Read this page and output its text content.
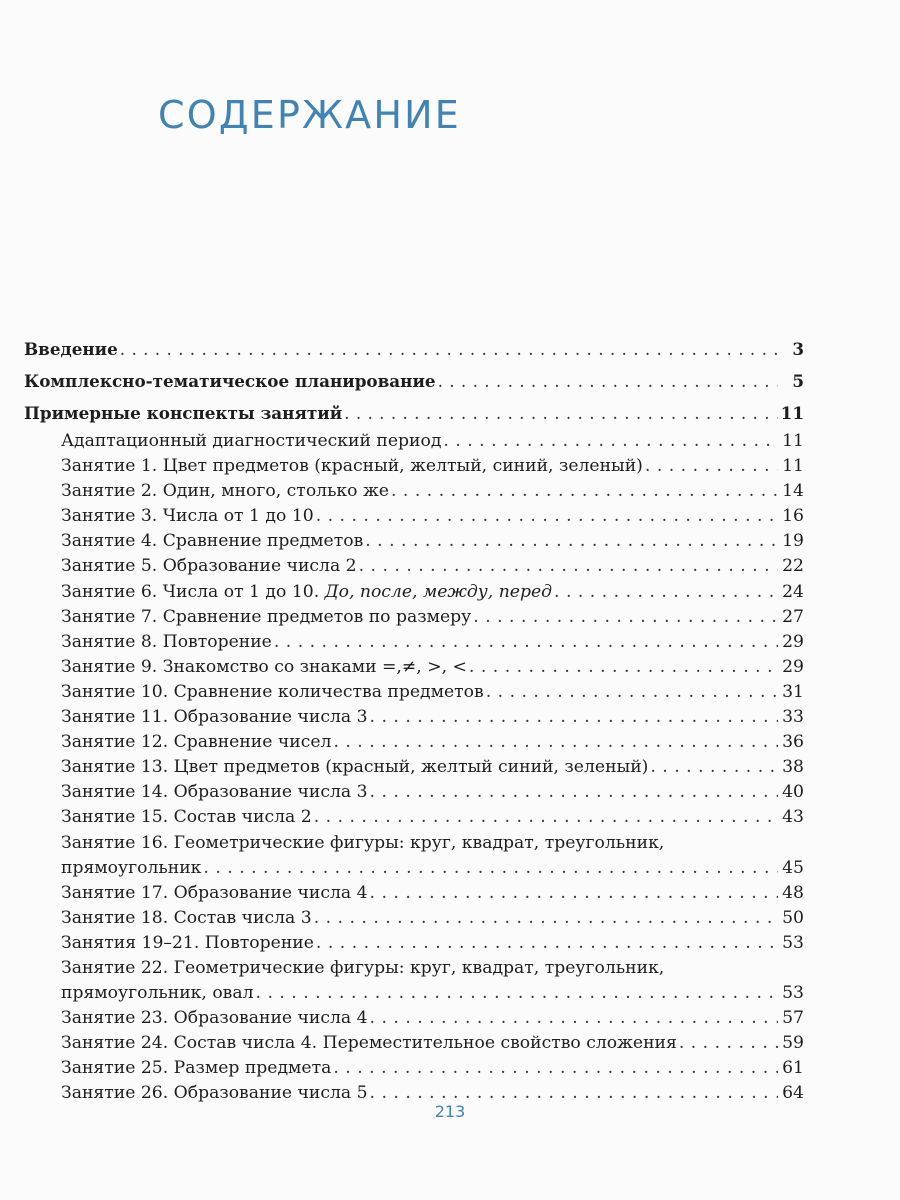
СОДЕРЖАНИЕ
Введение . . .	3
Комплексно-тематическое планирование . . .	5
Примерные конспекты занятий . . .	11
Адаптационный диагностический период . . .	11
Занятие 1. Цвет предметов (красный, желтый, синий, зеленый) . . .	11
Занятие 2. Один, много, столько же . . .	14
Занятие 3. Числа от 1 до 10 . . .	16
Занятие 4. Сравнение предметов . . .	19
Занятие 5. Образование числа 2 . . .	22
Занятие 6. Числа от 1 до 10. До, после, между, перед . . .	24
Занятие 7. Сравнение предметов по размеру . . .	27
Занятие 8. Повторение . . .	29
Занятие 9. Знакомство со знаками =,≠, >, < . . .	29
Занятие 10. Сравнение количества предметов . . .	31
Занятие 11. Образование числа 3 . . .	33
Занятие 12. Сравнение чисел . . .	36
Занятие 13. Цвет предметов (красный, желтый синий, зеленый) . . .	38
Занятие 14. Образование числа 3 . . .	40
Занятие 15. Состав числа 2 . . .	43
Занятие 16. Геометрические фигуры: круг, квадрат, треугольник,
прямоугольник . . .	45
Занятие 17. Образование числа 4 . . .	48
Занятие 18. Состав числа 3 . . .	50
Занятия 19–21. Повторение . . .	53
Занятие 22. Геометрические фигуры: круг, квадрат, треугольник,
прямоугольник, овал . . .	53
Занятие 23. Образование числа 4 . . .	57
Занятие 24. Состав числа 4. Переместительное свойство сложения . . .	59
Занятие 25. Размер предмета . . .	61
Занятие 26. Образование числа 5 . . .	64
213
